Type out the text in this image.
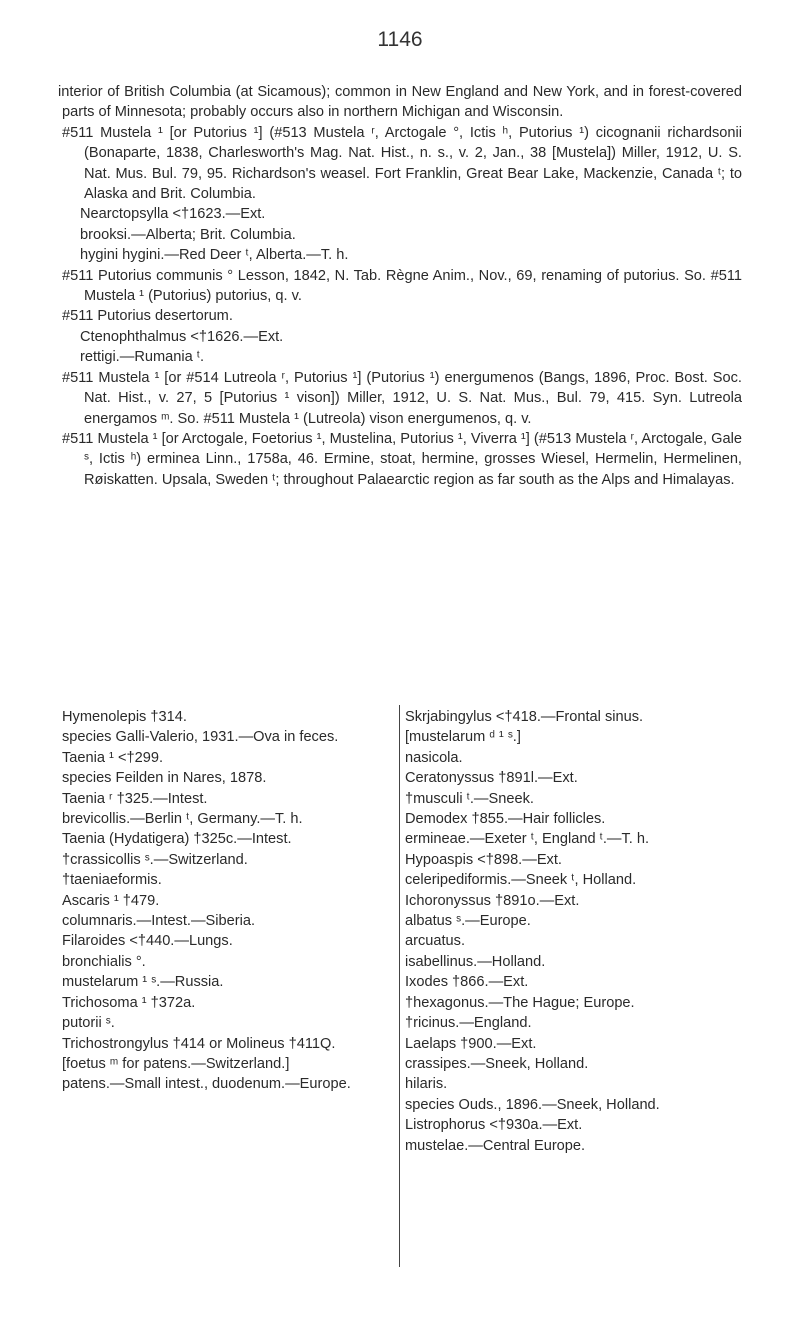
1146

interior of British Columbia (at Sicamous); common in New England and New York, and in forest-covered parts of Minnesota; probably occurs also in northern Michigan and Wisconsin.

#511 Mustela ¹ [or Putorius ¹] (#513 Mustela ʳ, Arctogale °, Ictis ʰ, Putorius ¹) cicognanii richardsonii (Bonaparte, 1838, Charlesworth's Mag. Nat. Hist., n. s., v. 2, Jan., 38 [Mustela]) Miller, 1912, U. S. Nat. Mus. Bul. 79, 95. Richardson's weasel. Fort Franklin, Great Bear Lake, Mackenzie, Canada ᵗ; to Alaska and Brit. Columbia.

Nearctopsylla <†1623.—Ext.

brooksi.—Alberta; Brit. Columbia.

hygini hygini.—Red Deer ᵗ, Alberta.—T. h.

#511 Putorius communis ° Lesson, 1842, N. Tab. Règne Anim., Nov., 69, renaming of putorius. So. #511 Mustela ¹ (Putorius) putorius, q. v.

#511 Putorius desertorum.

Ctenophthalmus <†1626.—Ext.

rettigi.—Rumania ᵗ.

#511 Mustela ¹ [or #514 Lutreola ʳ, Putorius ¹] (Putorius ¹) energumenos (Bangs, 1896, Proc. Bost. Soc. Nat. Hist., v. 27, 5 [Putorius ¹ vison]) Miller, 1912, U. S. Nat. Mus., Bul. 79, 415. Syn. Lutreola energamos ᵐ. So. #511 Mustela ¹ (Lutreola) vison energumenos, q. v.

#511 Mustela ¹ [or Arctogale, Foetorius ¹, Mustelina, Putorius ¹, Viverra ¹] (#513 Mustela ʳ, Arctogale, Gale ˢ, Ictis ʰ) erminea Linn., 1758a, 46. Ermine, stoat, hermine, grosses Wiesel, Hermelin, Hermelinen, Røiskatten. Upsala, Sweden ᵗ; throughout Palaearctic region as far south as the Alps and Himalayas.

Hymenolepis †314.

species Galli-Valerio, 1931.—Ova in feces.

Taenia ¹ <†299.

species Feilden in Nares, 1878.

Taenia ʳ †325.—Intest.

brevicollis.—Berlin ᵗ, Germany.—T. h.

Taenia (Hydatigera) †325c.—Intest.

†crassicollis ˢ.—Switzerland.

†taeniaeformis.

Ascaris ¹ †479.

columnaris.—Intest.—Siberia.

Filaroides <†440.—Lungs.

bronchialis °.

mustelarum ¹ ˢ.—Russia.

Trichosoma ¹ †372a.

putorii ˢ.

Trichostrongylus †414 or Molineus †411Q.

[foetus ᵐ for patens.—Switzerland.]

patens.—Small intest., duodenum.—Europe.

Skrjabingylus <†418.—Frontal sinus.

[mustelarum ᵈ ¹ ˢ.]

nasicola.

Ceratonyssus †891l.—Ext.

†musculi ᵗ.—Sneek.

Demodex †855.—Hair follicles.

ermineae.—Exeter ᵗ, England ᵗ.—T. h.

Hypoaspis <†898.—Ext.

celeripediformis.—Sneek ᵗ, Holland.

Ichoronyssus †891o.—Ext.

albatus ˢ.—Europe.

arcuatus.

isabellinus.—Holland.

Ixodes †866.—Ext.

†hexagonus.—The Hague; Europe.

†ricinus.—England.

Laelaps †900.—Ext.

crassipes.—Sneek, Holland.

hilaris.

species Ouds., 1896.—Sneek, Holland.

Listrophorus <†930a.—Ext.

mustelae.—Central Europe.
